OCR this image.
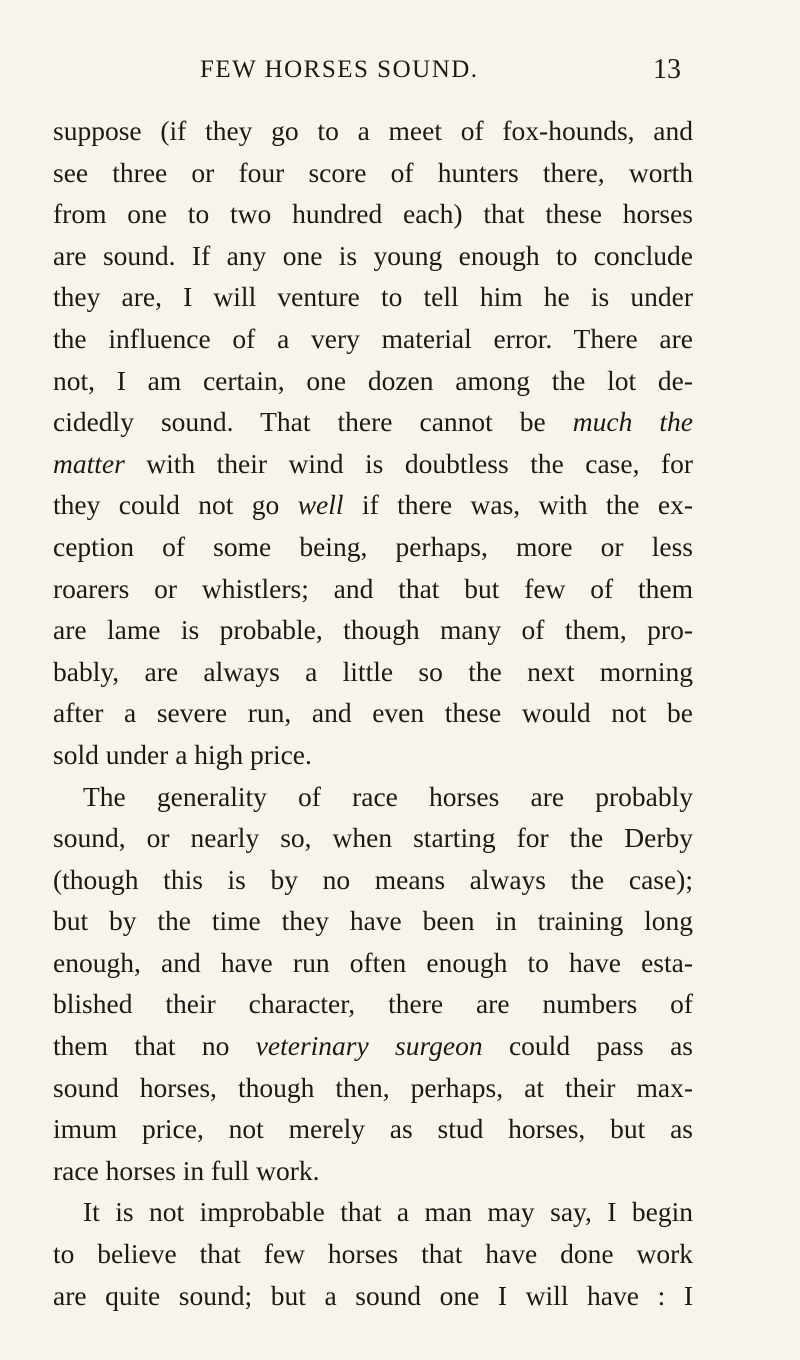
FEW HORSES SOUND.	13
suppose (if they go to a meet of fox-hounds, and
see three or four score of hunters there, worth
from one to two hundred each) that these horses
are sound. If any one is young enough to conclude
they are, I will venture to tell him he is under
the influence of a very material error. There are
not, I am certain, one dozen among the lot de-
cidedly sound. That there cannot be much the
matter with their wind is doubtless the case, for
they could not go well if there was, with the ex-
ception of some being, perhaps, more or less
roarers or whistlers; and that but few of them
are lame is probable, though many of them, pro-
bably, are always a little so the next morning
after a severe run, and even these would not be
sold under a high price.
The generality of race horses are probably
sound, or nearly so, when starting for the Derby
(though this is by no means always the case);
but by the time they have been in training long
enough, and have run often enough to have esta-
blished their character, there are numbers of
them that no veterinary surgeon could pass as
sound horses, though then, perhaps, at their max-
imum price, not merely as stud horses, but as
race horses in full work.
It is not improbable that a man may say, I begin
to believe that few horses that have done work
are quite sound; but a sound one I will have : I
